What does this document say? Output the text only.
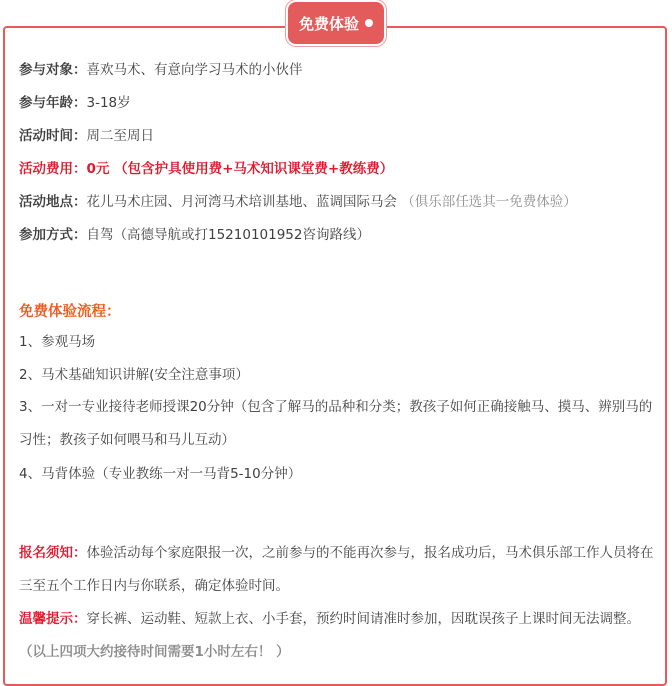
免费体验
参与对象：喜欢马术、有意向学习马术的小伙伴
参与年龄：3-18岁
活动时间：周二至周日
活动费用：0元 （包含护具使用费+马术知识课堂费+教练费）
活动地点：花儿马术庄园、月河湾马术培训基地、蓝调国际马会 （俱乐部任选其一免费体验）
参加方式：自驾（高德导航或打15210101952咨询路线）
免费体验流程：
1、参观马场
2、马术基础知识讲解(安全注意事项）
3、一对一专业接待老师授课20分钟（包含了解马的品种和分类；教孩子如何正确接触马、摸马、辨别马的习性；教孩子如何喂马和马儿互动）
4、马背体验（专业教练一对一马背5-10分钟）
报名须知：体验活动每个家庭限报一次，之前参与的不能再次参与，报名成功后，马术俱乐部工作人员将在三至五个工作日内与你联系，确定体验时间。
温馨提示：穿长裤、运动鞋、短款上衣、小手套，预约时间请准时参加，因耽误孩子上课时间无法调整。 （以上四项大约接待时间需要1小时左右！ ）
